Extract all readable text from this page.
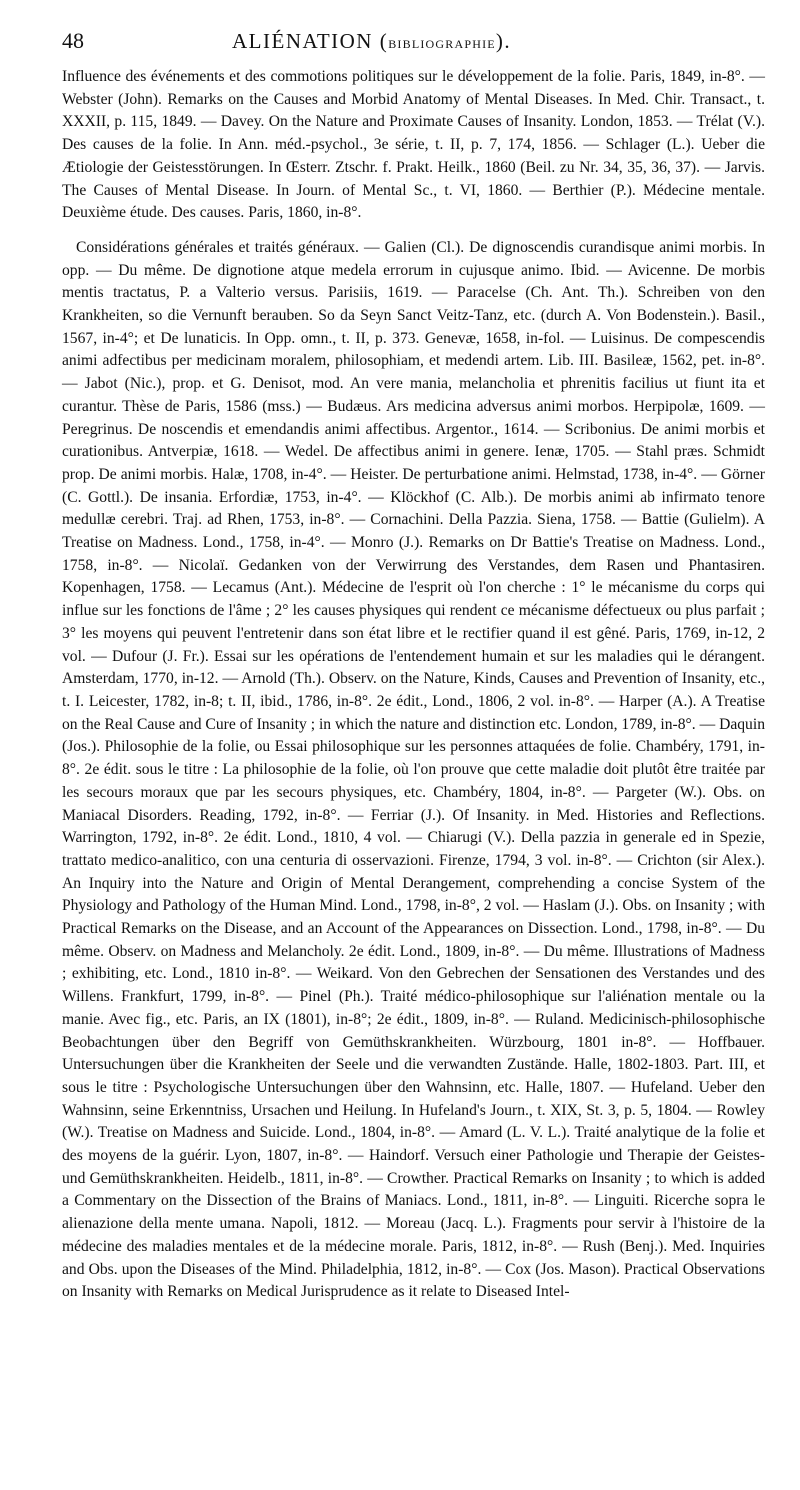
48	ALIÉNATION (BIBLIOGRAPHIE).

Influence des événements et des commotions politiques sur le développement de la folie. Paris, 1849, in-8°. — Webster (John). Remarks on the Causes and Morbid Anatomy of Mental Diseases. In Med. Chir. Transact., t. XXXII, p. 115, 1849. — Davey. On the Nature and Proximate Causes of Insanity. London, 1853. — Trélat (V.). Des causes de la folie. In Ann. méd.-psychol., 3e série, t. II, p. 7, 174, 1856. — Schlager (L.). Ueber die Ætiologie der Geistesstörungen. In Œsterr. Ztschr. f. Prakt. Heilk., 1860 (Beil. zu Nr. 34, 35, 36, 37). — Jarvis. The Causes of Mental Disease. In Journ. of Mental Sc., t. VI, 1860. — Berthier (P.). Médecine mentale. Deuxième étude. Des causes. Paris, 1860, in-8°.

Considérations générales et traités généraux. — Galien (Cl.). De dignoscendis curandisque animi morbis. In opp. — Du même. De dignotione atque medela errorum in cujusque animo. Ibid. — Avicenne. De morbis mentis tractatus, P. a Valterio versus. Parisiis, 1619. — Paracelse (Ch. Ant. Th.). Schreiben von den Krankheiten, so die Vernunft berauben. So da Seyn Sanct Veitz-Tanz, etc. (durch A. Von Bodenstein.). Basil., 1567, in-4°; et De lunaticis. In Opp. omn., t. II, p. 373. Genevæ, 1658, in-fol. — Luisinus. De compescendis animi adfectibus per medicinam moralem, philosophiam, et medendi artem. Lib. III. Basileæ, 1562, pet. in-8°. — Jabot (Nic.), prop. et G. Denisot, mod. An vere mania, melancholia et phrenitis facilius ut fiunt ita et curantur. Thèse de Paris, 1586 (mss.) — Budæus. Ars medicina adversus animi morbos. Herpipolæ, 1609. — Peregrinus. De noscendis et emendandis animi affectibus. Argentor., 1614. — Scribonius. De animi morbis et curationibus. Antverpiæ, 1618. — Wedel. De affectibus animi in genere. Ienæ, 1705. — Stahl præs. Schmidt prop. De animi morbis. Halæ, 1708, in-4°. — Heister. De perturbatione animi. Helmstad, 1738, in-4°. — Görner (C. Gottl.). De insania. Erfordiæ, 1753, in-4°. — Klöckhof (C. Alb.). De morbis animi ab infirmato tenore medullæ cerebri. Traj. ad Rhen, 1753, in-8°. — Cornachini. Della Pazzia. Siena, 1758. — Battie (Gulielm). A Treatise on Madness. Lond., 1758, in-4°. — Monro (J.). Remarks on Dr Battie's Treatise on Madness. Lond., 1758, in-8°. — Nicolaï. Gedanken von der Verwirrung des Verstandes, dem Rasen und Phantasiren. Kopenhagen, 1758. — Lecamus (Ant.). Médecine de l'esprit où l'on cherche : 1° le mécanisme du corps qui influe sur les fonctions de l'âme ; 2° les causes physiques qui rendent ce mécanisme défectueux ou plus parfait ; 3° les moyens qui peuvent l'entretenir dans son état libre et le rectifier quand il est gêné. Paris, 1769, in-12, 2 vol. — Dufour (J. Fr.). Essai sur les opérations de l'entendement humain et sur les maladies qui le dérangent. Amsterdam, 1770, in-12. — Arnold (Th.). Observ. on the Nature, Kinds, Causes and Prevention of Insanity, etc., t. I. Leicester, 1782, in-8; t. II, ibid., 1786, in-8°. 2e édit., Lond., 1806, 2 vol. in-8°. — Harper (A.). A Treatise on the Real Cause and Cure of Insanity ; in which the nature and distinction etc. London, 1789, in-8°. — Daquin (Jos.). Philosophie de la folie, ou Essai philosophique sur les personnes attaquées de folie. Chambéry, 1791, in-8°. 2e édit. sous le titre : La philosophie de la folie, où l'on prouve que cette maladie doit plutôt être traitée par les secours moraux que par les secours physiques, etc. Chambéry, 1804, in-8°. — Pargeter (W.). Obs. on Maniacal Disorders. Reading, 1792, in-8°. — Ferriar (J.). Of Insanity. in Med. Histories and Reflections. Warrington, 1792, in-8°. 2e édit. Lond., 1810, 4 vol. — Chiarugi (V.). Della pazzia in generale ed in Spezie, trattato medico-analitico, con una centuria di osservazioni. Firenze, 1794, 3 vol. in-8°. — Crichton (sir Alex.). An Inquiry into the Nature and Origin of Mental Derangement, comprehending a concise System of the Physiology and Pathology of the Human Mind. Lond., 1798, in-8°, 2 vol. — Haslam (J.). Obs. on Insanity ; with Practical Remarks on the Disease, and an Account of the Appearances on Dissection. Lond., 1798, in-8°. — Du même. Observ. on Madness and Melancholy. 2e édit. Lond., 1809, in-8°. — Du même. Illustrations of Madness ; exhibiting, etc. Lond., 1810 in-8°. — Weikard. Von den Gebrechen der Sensationen des Verstandes und des Willens. Frankfurt, 1799, in-8°. — Pinel (Ph.). Traité médico-philosophique sur l'aliénation mentale ou la manie. Avec fig., etc. Paris, an IX (1801), in-8°; 2e édit., 1809, in-8°. — Ruland. Medicinisch-philosophische Beobachtungen über den Begriff von Gemüthskrankheiten. Würzbourg, 1801 in-8°. — Hoffbauer. Untersuchungen über die Krankheiten der Seele und die verwandten Zustände. Halle, 1802-1803. Part. III, et sous le titre : Psychologische Untersuchungen über den Wahnsinn, etc. Halle, 1807. — Hufeland. Ueber den Wahnsinn, seine Erkenntniss, Ursachen und Heilung. In Hufeland's Journ., t. XIX, St. 3, p. 5, 1804. — Rowley (W.). Treatise on Madness and Suicide. Lond., 1804, in-8°. — Amard (L. V. L.). Traité analytique de la folie et des moyens de la guérir. Lyon, 1807, in-8°. — Haindorf. Versuch einer Pathologie und Therapie der Geistes- und Gemüthskrankheiten. Heidelb., 1811, in-8°. — Crowther. Practical Remarks on Insanity ; to which is added a Commentary on the Dissection of the Brains of Maniacs. Lond., 1811, in-8°. — Linguiti. Ricerche sopra le alienazione della mente umana. Napoli, 1812. — Moreau (Jacq. L.). Fragments pour servir à l'histoire de la médecine des maladies mentales et de la médecine morale. Paris, 1812, in-8°. — Rush (Benj.). Med. Inquiries and Obs. upon the Diseases of the Mind. Philadelphia, 1812, in-8°. — Cox (Jos. Mason). Practical Observations on Insanity with Remarks on Medical Jurisprudence as it relate to Diseased Intel-
